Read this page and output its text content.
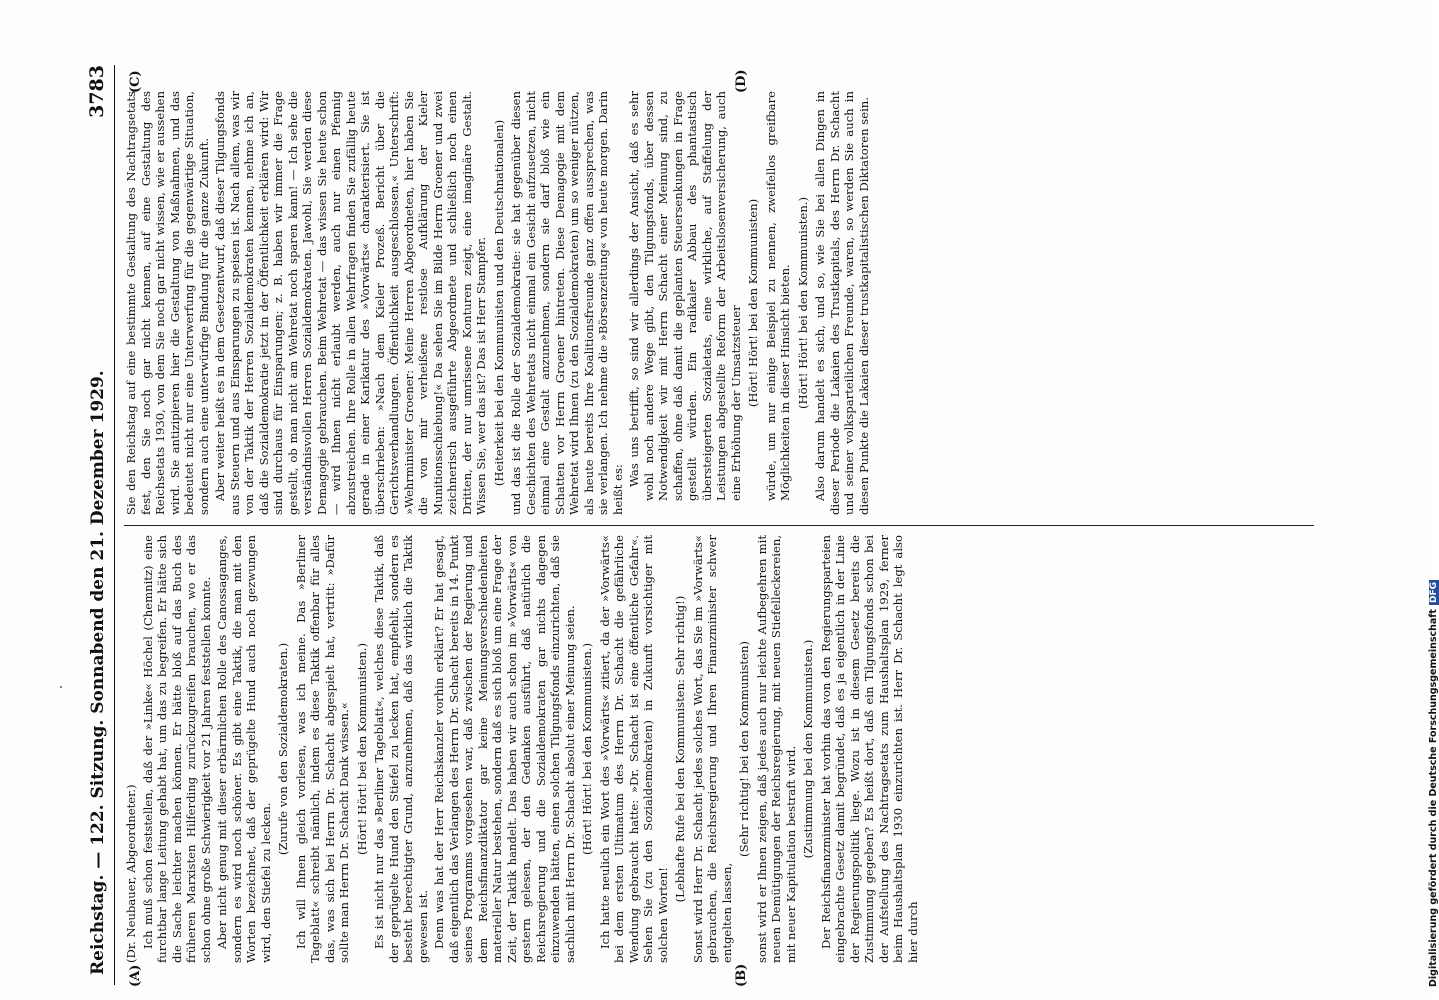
Reichstag. — 122. Sitzung. Sonnabend den 21. Dezember 1929.
3783
(A)	(B)
(C)	(D)

(Dr. Neubauer, Abgeordneter.) Ich muß schon feststellen, daß der »Linke« Höchel (Chemnitz) eine furchtbar lange Leitung gehabt hat, um das zu begreifen. Er hätte sich die Sache leichter machen können. Er hätte bloß auf das Buch des früheren Marxisten Hilferding zurückzugreifen brauchen, wo er das schon ohne große Schwierigkeit vor 21 Jahren feststellen konnte. Aber nicht genug mit dieser erbärmlichen Rolle des Canossaganges, sondern es wird noch schöner. Es gibt eine Taktik, die man mit den Worten bezeichnet, daß der geprügelte Hund auch noch gezwungen wird, den Stiefel zu lecken.

(Zurufe von den Sozialdemokraten.) Ich will Ihnen gleich vorlesen, was ich meine. Das »Berliner Tageblatt« schreibt nämlich, indem es diese Taktik offenbar für alles das, was sich bei Herrn Dr. Schacht abgespielt hat, vertritt: »Dafür sollte man Herrn Dr. Schacht Dank wissen.« (Hört! Hört! bei den Kommunisten.) Es ist nicht nur das »Berliner Tageblatt«, welches diese Taktik, daß der geprügelte Hund den Stiefel zu lecken hat, empfiehlt, sondern es besteht berechtigter Grund, anzunehmen, daß das wirklich die Taktik gewesen ist. Denn was hat der Herr Reichskanzler vorhin erklärt? Er hat gesagt, daß eigentlich das Verlangen des Herrn Dr. Schacht bereits in 14. Punkt seines Programms vorgesehen war, daß zwischen der Regierung und dem Reichsfinanzdiktator gar keine Meinungsverschiedenheiten materieller Natur bestehen, sondern daß es sich bloß um eine Frage der Zeit, der Taktik handelt. Das haben wir auch schon im »Vorwärts« von gestern gelesen, der den Gedanken ausführt, daß natürlich die Reichsregierung und die Sozialdemokraten gar nichts dagegen einzuwenden hätten, einen solchen Tilgungsfonds einzurichten, daß sie sachlich mit Herrn Dr. Schacht absolut einer Meinung seien. (Hört! Hört! bei den Kommunisten.) Ich hatte neulich ein Wort des »Vorwärts« zitiert, da der »Vorwärts« bei dem ersten Ultimatum des Herrn Dr. Schacht die gefährliche Wendung gebraucht hatte: »Dr. Schacht ist eine öffentliche Gefahr«. Sehen Sie (zu den Sozialdemokraten) in Zukunft vorsichtiger mit solchen Worten!

(Lebhafte Rufe bei den Kommunisten: Sehr richtig!) Sonst wird Herr Dr. Schacht jedes solches Wort, das Sie im »Vorwärts« gebrauchen, die Reichsregierung und Ihren Finanzminister schwer entgelten lassen,

(Sehr richtig! bei den Kommunisten) sonst wird er Ihnen zeigen, daß jedes auch nur leichte Aufbegehren mit neuen Demütigungen der Reichsregierung, mit neuen Stiefelleckereien, mit neuer Kapitulation bestraft wird. (Zustimmung bei den Kommunisten.) Der Reichsfinanzminister hat vorhin das von den Regierungsparteien eingebrachte Gesetz damit begründet, daß es ja eigentlich in der Linie der Regierungspolitik liege. Wozu ist in diesem Gesetz bereits die Zustimmung gegeben? Es heißt dort, daß ein Tilgungsfonds schon bei der Aufstellung des Nachtragsetats zum Haushaltsplan 1929, ferner beim Haushaltsplan 1930 einzurichten ist. Herr Dr. Schacht legt also hier durch

Sie den Reichstag auf eine bestimmte Gestaltung des Nachtragsetats fest, den Sie noch gar nicht kennen, auf eine Gestaltung des Reichsetats 1930, von dem Sie noch gar nicht wissen, wie er aussehen wird. Sie antizipieren hier die Gestaltung von Maßnahmen, und das bedeutet nicht nur eine Unterwerfung für die gegenwärtige Situation, sondern auch eine unterwürfige Bindung für die ganze Zukunft. Aber weiter heißt es in dem Gesetzentwurf, daß dieser Tilgungsfonds aus Steuern und aus Einsparungen zu speisen ist. Nach allem, was wir von der Taktik der Herren Sozialdemokraten kennen, nehme ich an, daß die Sozialdemokratie jetzt in der Öffentlichkeit erklären wird: Wir sind durchaus für Einsparungen; z. B. haben wir immer die Frage gestellt, ob man nicht am Wehretat noch sparen kann! — Ich sehe die verständnisvollen Herren Sozialdemokraten. Jawohl, Sie werden diese Demagogie gebrauchen. Beim Wehretat — das wissen Sie heute schon — wird Ihnen nicht erlaubt werden, auch nur einen Pfennig abzustreichen. Ihre Rolle in allen Wehrfragen finden Sie zufällig heute gerade in einer Karikatur des »Vorwärts« charakterisiert. Sie ist überschrieben: »Nach dem Kieler Prozeß. Bericht über die Gerichtsverhandlungen. Öffentlichkeit ausgeschlossen.« Unterschrift: »Wehrminister Groener: Meine Herren Abgeordneten, hier haben Sie die von mir verheißene restlose Aufklärung der Kieler Munitionsschiebung!« Da sehen Sie im Bilde Herrn Groener und zwei zeichnerisch ausgeführte Abgeordnete und schließlich noch einen Dritten, der nur umrissene Konturen zeigt, eine imaginäre Gestalt. Wissen Sie, wer das ist? Das ist Herr Stampfer. (Heiterkeit bei den Kommunisten und den Deutschnationalen) und das ist die Rolle der Sozialdemokratie: sie hat gegenüber diesen Geschichten des Wehretats nicht einmal ein Gesicht aufzusetzen, nicht einmal eine Gestalt anzunehmen, sondern sie darf bloß wie ein Schatten vor Herrn Groener hintreten. Diese Demagogie mit dem Wehretat wird Ihnen (zu den Sozialdemokraten) um so weniger nützen, als heute bereits Ihre Koalitionsfreunde ganz offen aussprechen, was sie verlangen. Ich nehme die »Börsenzeitung« von heute morgen. Darin heißt es:

Was uns betrifft, so sind wir allerdings der Ansicht, daß es sehr wohl noch andere Wege gibt, den Tilgungsfonds, über dessen Notwendigkeit wir mit Herrn Schacht einer Meinung sind, zu schaffen, ohne daß damit die geplanten Steuersenkungen in Frage gestellt würden. Ein radikaler Abbau des phantastisch übersteigerten Sozialetats, eine wirkliche, auf Staffelung der Leistungen abgestellte Reform der Arbeitslosenversicherung, auch eine Erhöhung der Umsatzsteuer (Hört! Hört! bei den Kommunisten) würde, um nur einige Beispiel zu nennen, zweifellos greifbare Möglichkeiten in dieser Hinsicht bieten. (Hört! Hört! bei den Kommunisten.) Also darum handelt es sich, und so, wie Sie bei allen Dingen in dieser Periode die Lakaien des Trustkapitals, des Herrn Dr. Schacht und seiner volksparteilichen Freunde, waren, so werden Sie auch in diesen Punkte die Lakaien dieser trustkapitalistischen Diktatoren sein.

Digitalisierung gefördert durch die Deutsche ForschungsgemeinschaftDFG
